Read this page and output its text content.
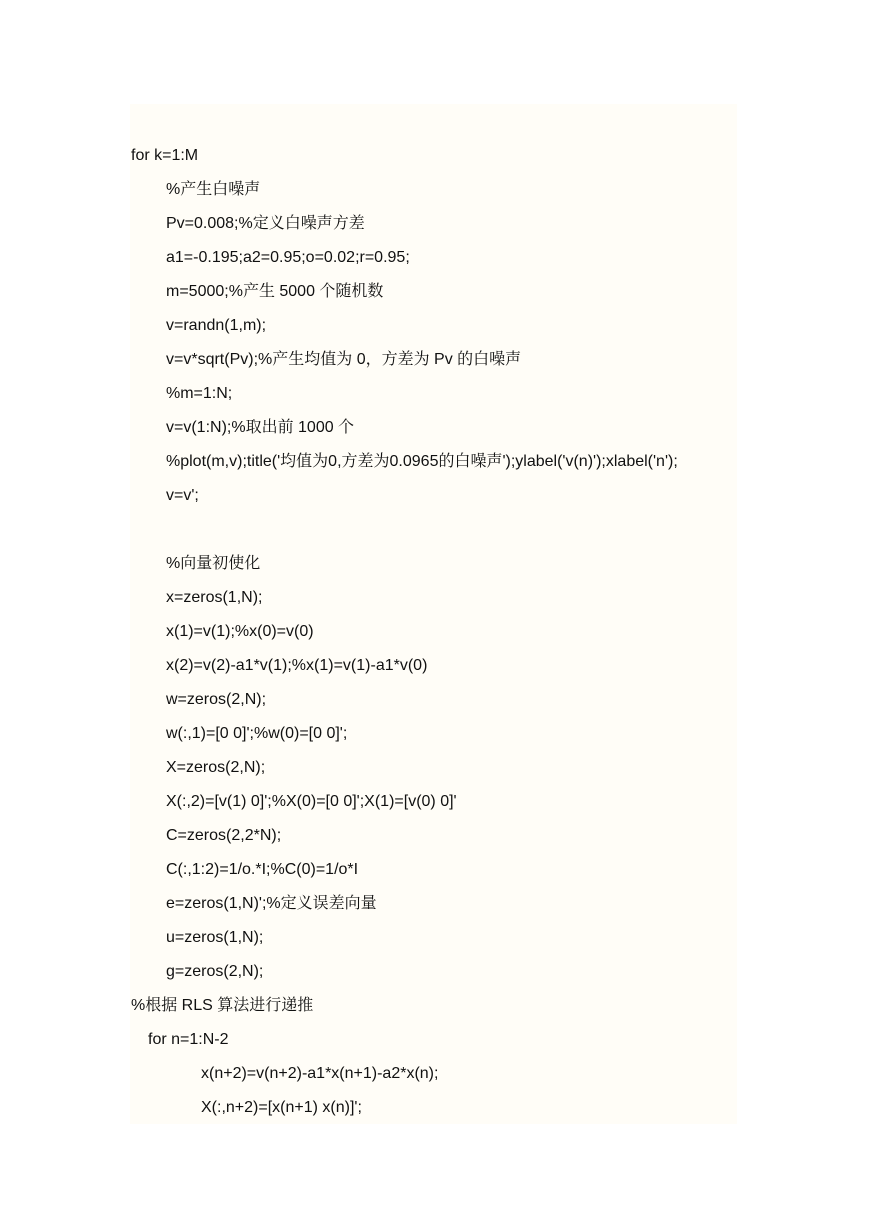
for k=1:M
%产生白噪声
Pv=0.008;%定义白噪声方差
a1=-0.195;a2=0.95;o=0.02;r=0.95;
m=5000;%产生 5000 个随机数
v=randn(1,m);
v=v*sqrt(Pv);%产生均值为 0，方差为 Pv 的白噪声
%m=1:N;
v=v(1:N);%取出前 1000 个
%plot(m,v);title('均值为0,方差为0.0965的白噪声');ylabel('v(n)');xlabel('n');
v=v';
%向量初使化
x=zeros(1,N);
x(1)=v(1);%x(0)=v(0)
x(2)=v(2)-a1*v(1);%x(1)=v(1)-a1*v(0)
w=zeros(2,N);
w(:,1)=[0 0]';%w(0)=[0 0]';
X=zeros(2,N);
X(:,2)=[v(1) 0]';%X(0)=[0 0]';X(1)=[v(0) 0]'
C=zeros(2,2*N);
C(:,1:2)=1/o.*I;%C(0)=1/o*I
e=zeros(1,N)';%定义误差向量
u=zeros(1,N);
g=zeros(2,N);
%根据 RLS 算法进行递推
for n=1:N-2
x(n+2)=v(n+2)-a1*x(n+1)-a2*x(n);
X(:,n+2)=[x(n+1) x(n)]';
